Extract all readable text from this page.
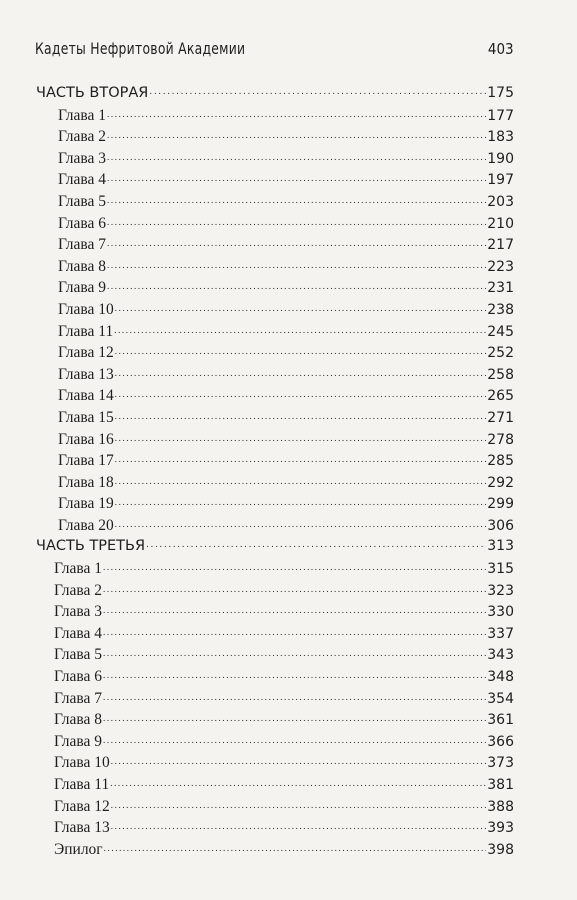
Кадеты Нефритовой Академии	403
ЧАСТЬ ВТОРАЯ .....	175
Глава 1 .....	177
Глава 2 .....	183
Глава 3 .....	190
Глава 4 .....	197
Глава 5 .....	203
Глава 6 .....	210
Глава 7 .....	217
Глава 8 .....	223
Глава 9 .....	231
Глава 10 .....	238
Глава 11 .....	245
Глава 12 .....	252
Глава 13 .....	258
Глава 14 .....	265
Глава 15 .....	271
Глава 16 .....	278
Глава 17 .....	285
Глава 18 .....	292
Глава 19 .....	299
Глава 20 .....	306
ЧАСТЬ ТРЕТЬЯ .....	313
Глава 1 .....	315
Глава 2 .....	323
Глава 3 .....	330
Глава 4 .....	337
Глава 5 .....	343
Глава 6 .....	348
Глава 7 .....	354
Глава 8 .....	361
Глава 9 .....	366
Глава 10 .....	373
Глава 11 .....	381
Глава 12 .....	388
Глава 13 .....	393
Эпилог .....	398
